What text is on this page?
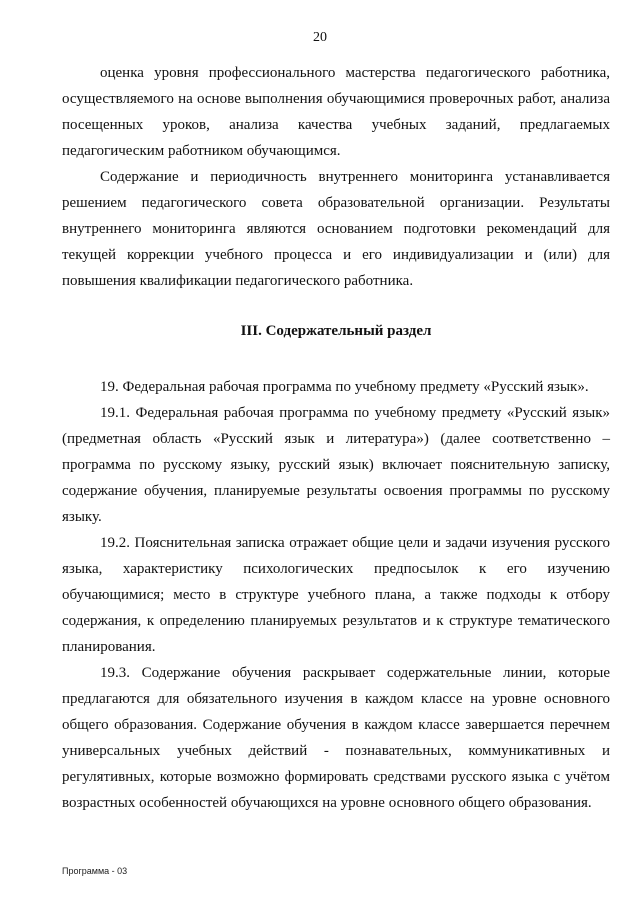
20

оценка уровня профессионального мастерства педагогического работника, осуществляемого на основе выполнения обучающимися проверочных работ, анализа посещенных уроков, анализа качества учебных заданий, предлагаемых педагогическим работником обучающимся.

Содержание и периодичность внутреннего мониторинга устанавливается решением педагогического совета образовательной организации. Результаты внутреннего мониторинга являются основанием подготовки рекомендаций для текущей коррекции учебного процесса и его индивидуализации и (или) для повышения квалификации педагогического работника.

III. Содержательный раздел

19. Федеральная рабочая программа по учебному предмету «Русский язык».

19.1. Федеральная рабочая программа по учебному предмету «Русский язык» (предметная область «Русский язык и литература») (далее соответственно – программа по русскому языку, русский язык) включает пояснительную записку, содержание обучения, планируемые результаты освоения программы по русскому языку.

19.2. Пояснительная записка отражает общие цели и задачи изучения русского языка, характеристику психологических предпосылок к его изучению обучающимися; место в структуре учебного плана, а также подходы к отбору содержания, к определению планируемых результатов и к структуре тематического планирования.

19.3. Содержание обучения раскрывает содержательные линии, которые предлагаются для обязательного изучения в каждом классе на уровне основного общего образования. Содержание обучения в каждом классе завершается перечнем универсальных учебных действий - познавательных, коммуникативных и регулятивных, которые возможно формировать средствами русского языка с учётом возрастных особенностей обучающихся на уровне основного общего образования.

Программа - 03
